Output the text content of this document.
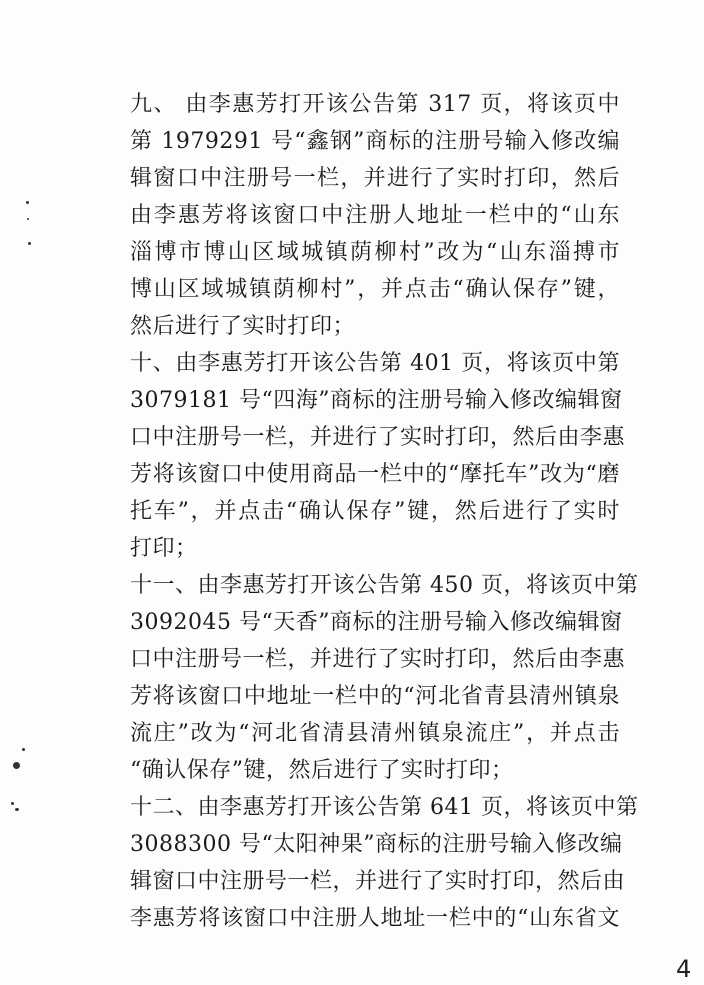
九、 由李惠芳打开该公告第 317 页，将该页中
第 1979291 号“鑫钢”商标的注册号输入修改编
辑窗口中注册号一栏，并进行了实时打印，然后
由李惠芳将该窗口中注册人地址一栏中的“山东
淄博市博山区域城镇荫柳村”改为“山东淄搏市
博山区域城镇荫柳村”，并点击“确认保存”键，
然后进行了实时打印；
十、由李惠芳打开该公告第 401 页，将该页中第
3079181 号“四海”商标的注册号输入修改编辑窗
口中注册号一栏，并进行了实时打印，然后由李惠
芳将该窗口中使用商品一栏中的“摩托车”改为“磨
托车”，并点击“确认保存”键，然后进行了实时
打印；
十一、由李惠芳打开该公告第 450 页，将该页中第
3092045 号“天香”商标的注册号输入修改编辑窗
口中注册号一栏，并进行了实时打印，然后由李惠
芳将该窗口中地址一栏中的“河北省青县清州镇泉
流庄”改为“河北省清县清州镇泉流庄”，并点击
“确认保存”键，然后进行了实时打印；
十二、由李惠芳打开该公告第 641 页，将该页中第
3088300 号“太阳神果”商标的注册号输入修改编
辑窗口中注册号一栏，并进行了实时打印，然后由
李惠芳将该窗口中注册人地址一栏中的“山东省文
4
